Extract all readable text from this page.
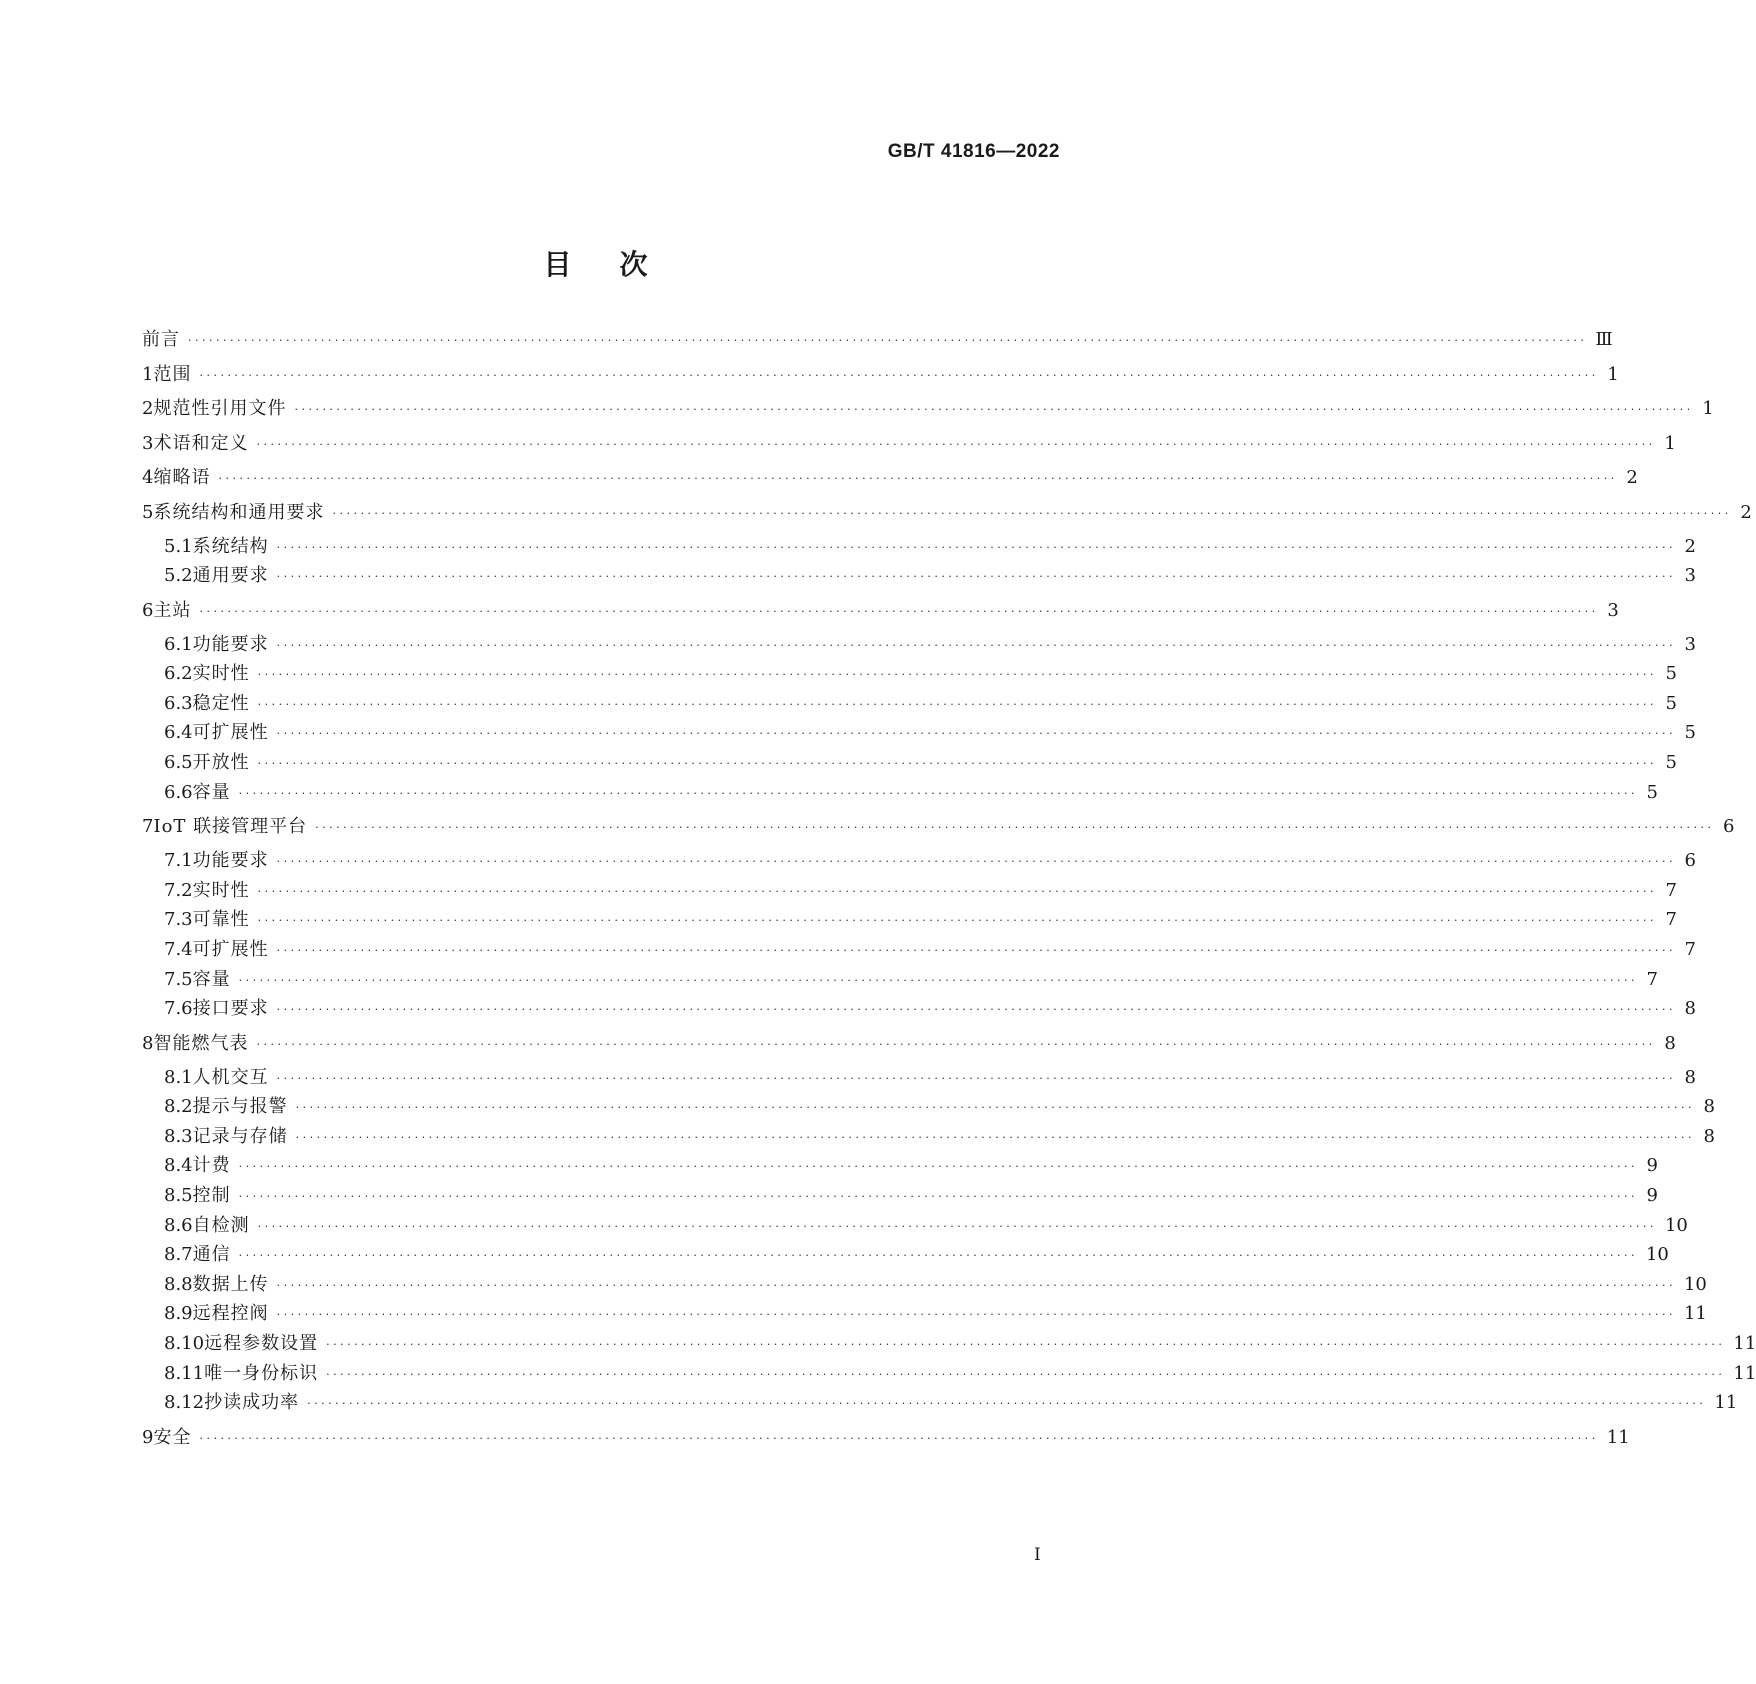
GB/T 41816—2022
目次
前言 ········································································································································································································ Ⅲ
1 范围 ········································································································································································································ 1
2 规范性引用文件 ········································································································································································································ 1
3 术语和定义 ········································································································································································································ 1
4 缩略语 ········································································································································································································ 2
5 系统结构和通用要求 ········································································································································································································ 2
5.1 系统结构 ········································································································································································································ 2
5.2 通用要求 ········································································································································································································ 3
6 主站 ········································································································································································································ 3
6.1 功能要求 ········································································································································································································ 3
6.2 实时性 ········································································································································································································ 5
6.3 稳定性 ········································································································································································································ 5
6.4 可扩展性 ········································································································································································································ 5
6.5 开放性 ········································································································································································································ 5
6.6 容量 ········································································································································································································ 5
7 IoT 联接管理平台 ········································································································································································································ 6
7.1 功能要求 ········································································································································································································ 6
7.2 实时性 ········································································································································································································ 7
7.3 可靠性 ········································································································································································································ 7
7.4 可扩展性 ········································································································································································································ 7
7.5 容量 ········································································································································································································ 7
7.6 接口要求 ········································································································································································································ 8
8 智能燃气表 ········································································································································································································ 8
8.1 人机交互 ········································································································································································································ 8
8.2 提示与报警 ········································································································································································································ 8
8.3 记录与存储 ········································································································································································································ 8
8.4 计费 ········································································································································································································ 9
8.5 控制 ········································································································································································································ 9
8.6 自检测 ········································································································································································································ 10
8.7 通信 ········································································································································································································ 10
8.8 数据上传 ········································································································································································································ 10
8.9 远程控阀 ········································································································································································································ 11
8.10 远程参数设置 ········································································································································································································ 11
8.11 唯一身份标识 ········································································································································································································ 11
8.12 抄读成功率 ········································································································································································································ 11
9 安全 ········································································································································································································ 11
I
